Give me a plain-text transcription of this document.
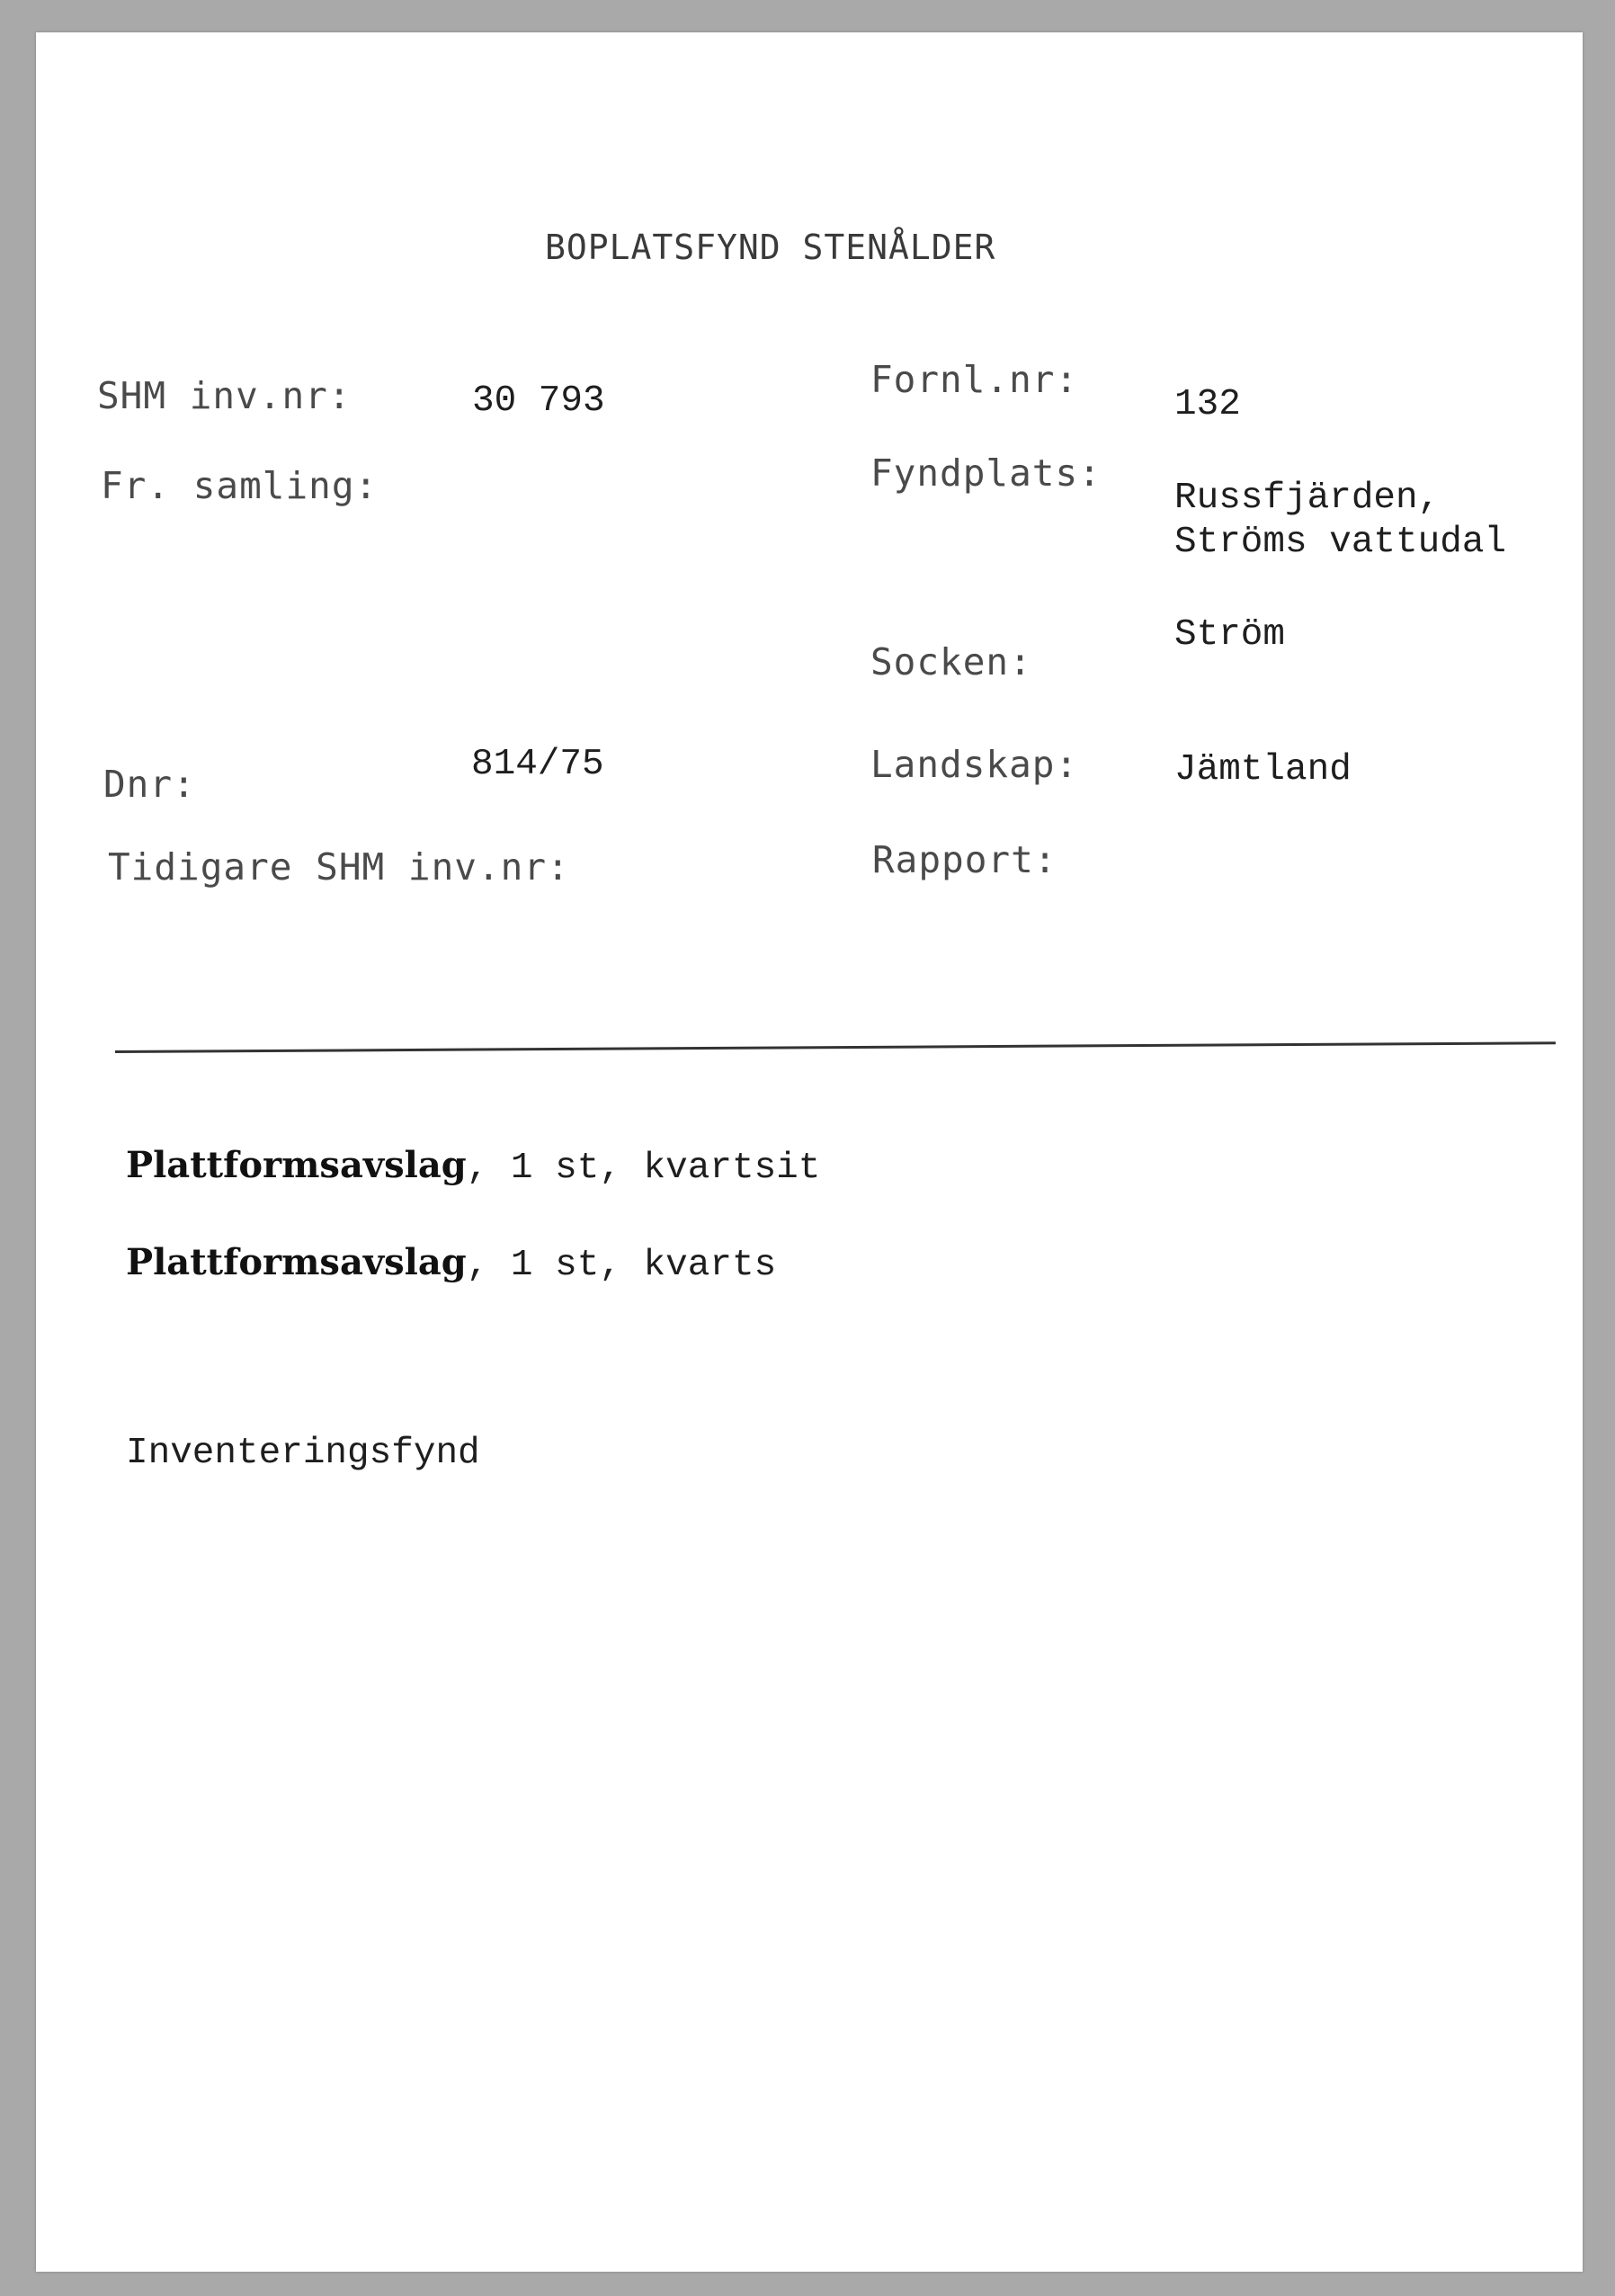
BOPLATSFYND STENÅLDER
SHM inv.nr:	30 793
Fr. samling:
Dnr:	814/75
Tidigare SHM inv.nr:
Fornl.nr:
132
Fyndplats:
Russfjärden,
Ströms vattudal
Socken:
Ström
Landskap:	Jämtland
Rapport:
Plattformsavslag, 1 st, kvartsit
Plattformsavslag, 1 st, kvarts
Inventeringsfynd
